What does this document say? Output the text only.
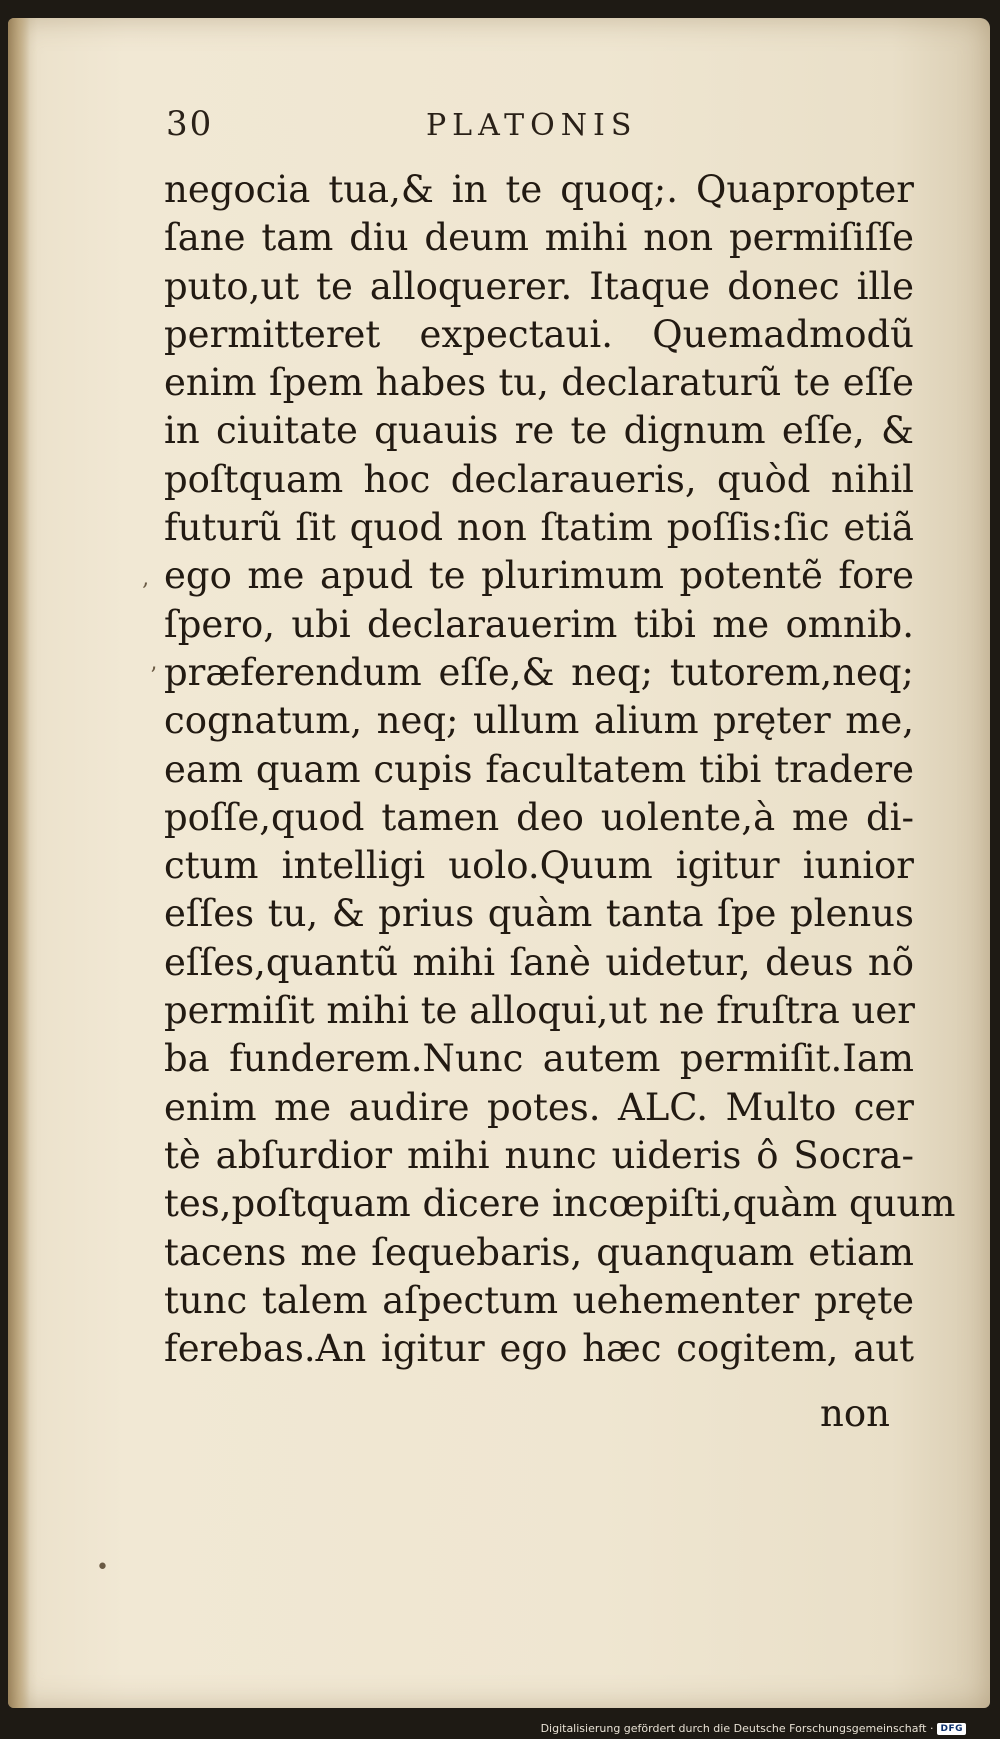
30	PLATONIS
negocia tua,& in te quoq;. Quapropter
ſane tam diu deum mihi non permiſiſſe
puto,ut te alloquerer. Itaque donec ille
permitteret expectaui. Quemadmodũ
enim ſpem habes tu, declaraturũ te eſſe
in ciuitate quauis re te dignum eſſe, &
poſtquam hoc declaraueris, quòd nihil
futurũ ſit quod non ſtatim poſſis:ſic etiã
ego me apud te plurimum potentẽ fore
ſpero, ubi declarauerim tibi me omnib.
præferendum eſſe,& neq; tutorem,neq;
cognatum, neq; ullum alium pręter me,
eam quam cupis facultatem tibi tradere
poſſe,quod tamen deo uolente,à me di-
ctum intelligi uolo.Quum igitur iunior
eſſes tu, & prius quàm tanta ſpe plenus
eſſes,quantũ mihi ſanè uidetur, deus nõ
permiſit mihi te alloqui,ut ne fruſtra uer
ba funderem.Nunc autem permiſit.Iam
enim me audire potes. ALC. Multo cer
tè abſurdior mihi nunc uideris ô Socra-
tes,poſtquam dicere incœpiſti,quàm quum
tacens me ſequebaris, quanquam etiam
tunc talem aſpectum uehementer pręte
ferebas.An igitur ego hæc cogitem, aut
non
‚
’
•
Digitalisierung gefördert durch die Deutsche Forschungsgemeinschaft · DFG
